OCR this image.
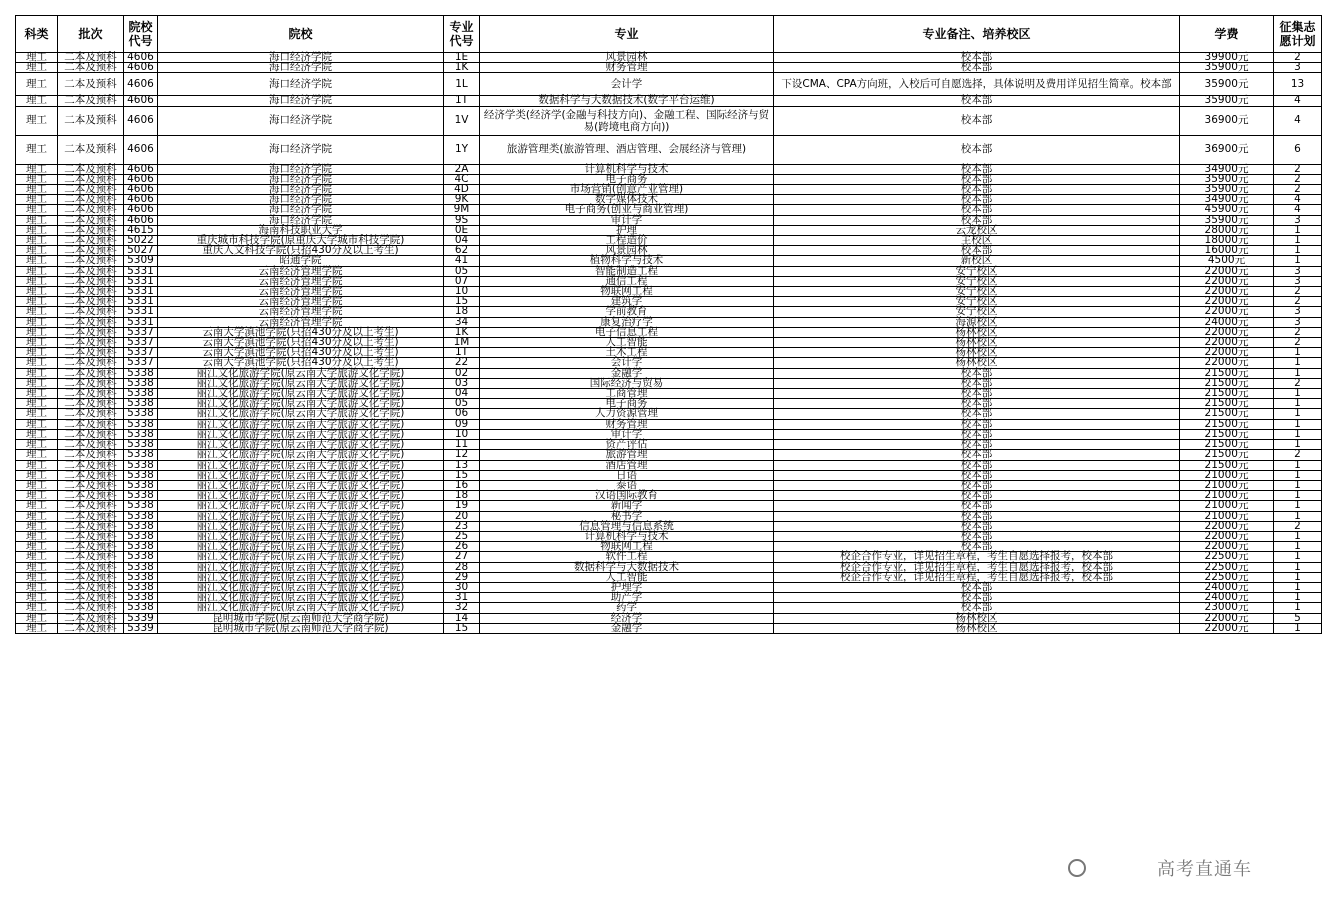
科类	批次	院校代号	院校	专业代号	专业	专业备注、培养校区	学费	征集志愿计划
理工	二本及预科	4606	海口经济学院	1E	风景园林	校本部	39900元	2
理工	二本及预科	4606	海口经济学院	1K	财务管理	校本部	35900元	3
理工	二本及预科	4606	海口经济学院	1L	会计学	下设CMA、CPA方向班，入校后可自愿选择，具体说明及费用详见招生简章。校本部	35900元	13
理工	二本及预科	4606	海口经济学院	1T	数据科学与大数据技术(数字平台运维)	校本部	35900元	4
理工	二本及预科	4606	海口经济学院	1V	经济学类(经济学(金融与科技方向)、金融工程、国际经济与贸易(跨境电商方向))	校本部	36900元	4
理工	二本及预科	4606	海口经济学院	1Y	旅游管理类(旅游管理、酒店管理、会展经济与管理)	校本部	36900元	6
理工	二本及预科	4606	海口经济学院	2A	计算机科学与技术	校本部	34900元	2
理工	二本及预科	4606	海口经济学院	4C	电子商务	校本部	35900元	2
理工	二本及预科	4606	海口经济学院	4D	市场营销(创意产业管理)	校本部	35900元	2
理工	二本及预科	4606	海口经济学院	9K	数字媒体技术	校本部	34900元	4
理工	二本及预科	4606	海口经济学院	9M	电子商务(创业与商业管理)	校本部	45900元	4
理工	二本及预科	4606	海口经济学院	9S	审计学	校本部	35900元	3
理工	二本及预科	4615	海南科技职业大学	0E	护理	云龙校区	28000元	1
理工	二本及预科	5022	重庆城市科技学院(原重庆大学城市科技学院)	04	工程造价	主校区	18000元	1
理工	二本及预科	5027	重庆人文科技学院(只招430分及以上考生)	62	风景园林	校本部	16000元	1
理工	二本及预科	5309	昭通学院	41	植物科学与技术	新校区	4500元	1
理工	二本及预科	5331	云南经济管理学院	05	智能制造工程	安宁校区	22000元	3
理工	二本及预科	5331	云南经济管理学院	07	通信工程	安宁校区	22000元	3
理工	二本及预科	5331	云南经济管理学院	10	物联网工程	安宁校区	22000元	2
理工	二本及预科	5331	云南经济管理学院	15	建筑学	安宁校区	22000元	2
理工	二本及预科	5331	云南经济管理学院	18	学前教育	安宁校区	22000元	3
理工	二本及预科	5331	云南经济管理学院	34	康复治疗学	海源校区	24000元	3
理工	二本及预科	5337	云南大学滇池学院(只招430分及以上考生)	1K	电子信息工程	杨林校区	22000元	2
理工	二本及预科	5337	云南大学滇池学院(只招430分及以上考生)	1M	人工智能	杨林校区	22000元	2
理工	二本及预科	5337	云南大学滇池学院(只招430分及以上考生)	1T	土木工程	杨林校区	22000元	1
理工	二本及预科	5337	云南大学滇池学院(只招430分及以上考生)	22	会计学	杨林校区	22000元	1
理工	二本及预科	5338	丽江文化旅游学院(原云南大学旅游文化学院)	02	金融学	校本部	21500元	1
理工	二本及预科	5338	丽江文化旅游学院(原云南大学旅游文化学院)	03	国际经济与贸易	校本部	21500元	2
理工	二本及预科	5338	丽江文化旅游学院(原云南大学旅游文化学院)	04	工商管理	校本部	21500元	1
理工	二本及预科	5338	丽江文化旅游学院(原云南大学旅游文化学院)	05	电子商务	校本部	21500元	1
理工	二本及预科	5338	丽江文化旅游学院(原云南大学旅游文化学院)	06	人力资源管理	校本部	21500元	1
理工	二本及预科	5338	丽江文化旅游学院(原云南大学旅游文化学院)	09	财务管理	校本部	21500元	1
理工	二本及预科	5338	丽江文化旅游学院(原云南大学旅游文化学院)	10	审计学	校本部	21500元	1
理工	二本及预科	5338	丽江文化旅游学院(原云南大学旅游文化学院)	11	资产评估	校本部	21500元	1
理工	二本及预科	5338	丽江文化旅游学院(原云南大学旅游文化学院)	12	旅游管理	校本部	21500元	2
理工	二本及预科	5338	丽江文化旅游学院(原云南大学旅游文化学院)	13	酒店管理	校本部	21500元	1
理工	二本及预科	5338	丽江文化旅游学院(原云南大学旅游文化学院)	15	日语	校本部	21000元	1
理工	二本及预科	5338	丽江文化旅游学院(原云南大学旅游文化学院)	16	泰语	校本部	21000元	1
理工	二本及预科	5338	丽江文化旅游学院(原云南大学旅游文化学院)	18	汉语国际教育	校本部	21000元	1
理工	二本及预科	5338	丽江文化旅游学院(原云南大学旅游文化学院)	19	新闻学	校本部	21000元	1
理工	二本及预科	5338	丽江文化旅游学院(原云南大学旅游文化学院)	20	秘书学	校本部	21000元	1
理工	二本及预科	5338	丽江文化旅游学院(原云南大学旅游文化学院)	23	信息管理与信息系统	校本部	22000元	2
理工	二本及预科	5338	丽江文化旅游学院(原云南大学旅游文化学院)	25	计算机科学与技术	校本部	22000元	1
理工	二本及预科	5338	丽江文化旅游学院(原云南大学旅游文化学院)	26	物联网工程	校本部	22000元	1
理工	二本及预科	5338	丽江文化旅游学院(原云南大学旅游文化学院)	27	软件工程	校企合作专业，详见招生章程，考生自愿选择报考，校本部	22500元	1
理工	二本及预科	5338	丽江文化旅游学院(原云南大学旅游文化学院)	28	数据科学与大数据技术	校企合作专业，详见招生章程，考生自愿选择报考，校本部	22500元	1
理工	二本及预科	5338	丽江文化旅游学院(原云南大学旅游文化学院)	29	人工智能	校企合作专业，详见招生章程，考生自愿选择报考，校本部	22500元	1
理工	二本及预科	5338	丽江文化旅游学院(原云南大学旅游文化学院)	30	护理学	校本部	24000元	1
理工	二本及预科	5338	丽江文化旅游学院(原云南大学旅游文化学院)	31	助产学	校本部	24000元	1
理工	二本及预科	5338	丽江文化旅游学院(原云南大学旅游文化学院)	32	药学	校本部	23000元	1
理工	二本及预科	5339	昆明城市学院(原云南师范大学商学院)	14	经济学	杨林校区	22000元	5
理工	二本及预科	5339	昆明城市学院(原云南师范大学商学院)	15	金融学	杨林校区	22000元	1
高考直通车
